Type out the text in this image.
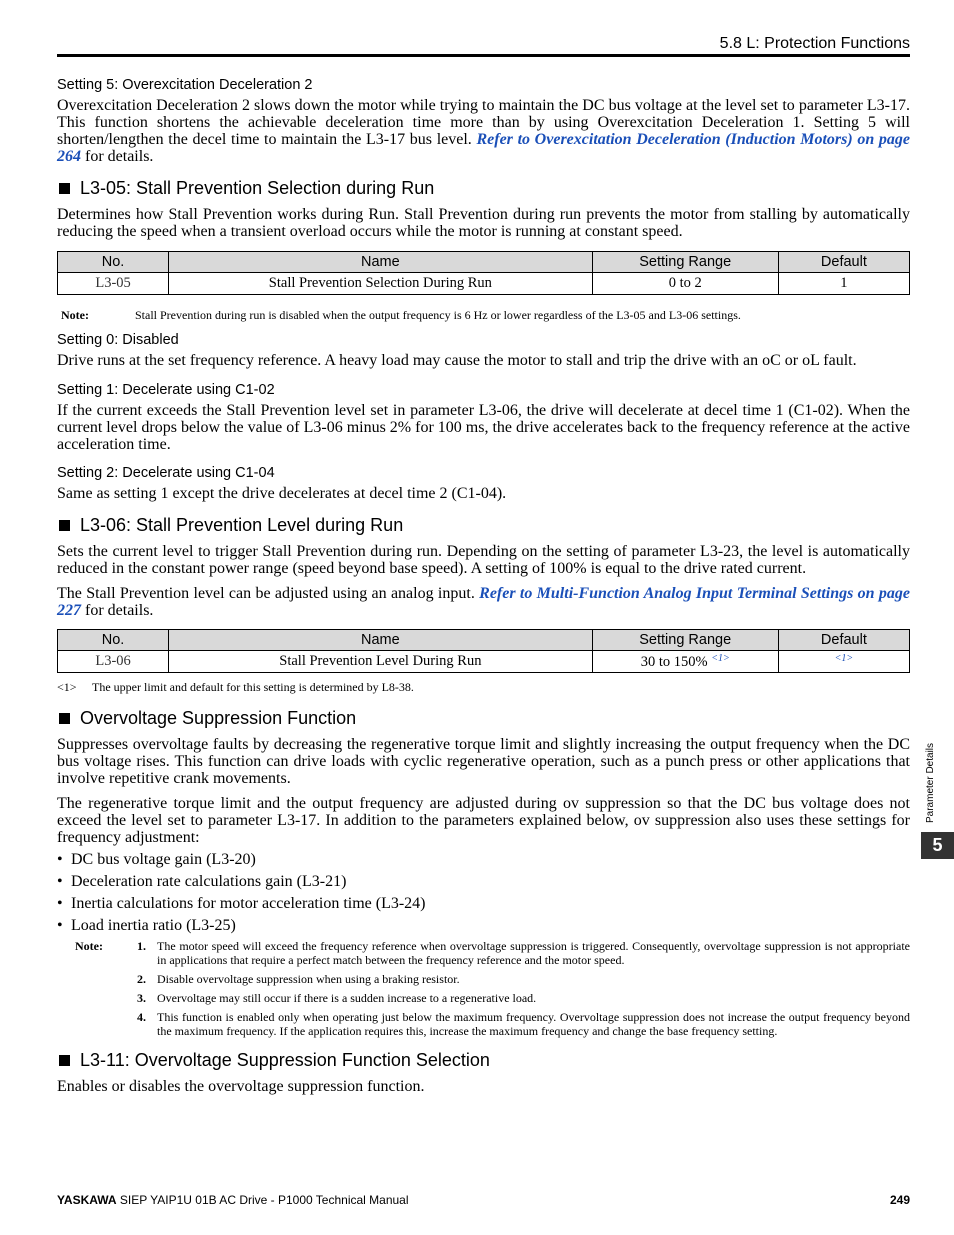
5.8 L: Protection Functions
Setting 5: Overexcitation Deceleration 2

Overexcitation Deceleration 2 slows down the motor while trying to maintain the DC bus voltage at the level set to parameter L3-17. This function shortens the achievable deceleration time more than by using Overexcitation Deceleration 1. Setting 5 will shorten/lengthen the decel time to maintain the L3-17 bus level. Refer to Overexcitation Deceleration (Induction Motors) on page 264 for details.

L3-05: Stall Prevention Selection during Run

Determines how Stall Prevention works during Run. Stall Prevention during run prevents the motor from stalling by automatically reducing the speed when a transient overload occurs while the motor is running at constant speed.

No.	Name	Setting Range	Default
L3-05	Stall Prevention Selection During Run	0 to 2	1
Note:	Stall Prevention during run is disabled when the output frequency is 6 Hz or lower regardless of the L3-05 and L3-06 settings.
Setting 0: Disabled

Drive runs at the set frequency reference. A heavy load may cause the motor to stall and trip the drive with an oC or oL fault.

Setting 1: Decelerate using C1-02

If the current exceeds the Stall Prevention level set in parameter L3-06, the drive will decelerate at decel time 1 (C1-02). When the current level drops below the value of L3-06 minus 2% for 100 ms, the drive accelerates back to the frequency reference at the active acceleration time.

Setting 2: Decelerate using C1-04

Same as setting 1 except the drive decelerates at decel time 2 (C1-04).

L3-06: Stall Prevention Level during Run

Sets the current level to trigger Stall Prevention during run. Depending on the setting of parameter L3-23, the level is automatically reduced in the constant power range (speed beyond base speed). A setting of 100% is equal to the drive rated current.

The Stall Prevention level can be adjusted using an analog input. Refer to Multi-Function Analog Input Terminal Settings on page 227 for details.

No.	Name	Setting Range	Default
L3-06	Stall Prevention Level During Run	30 to 150% $^{<1>}$	$^{<1>}$
<1>	The upper limit and default for this setting is determined by L8-38.
Overvoltage Suppression Function

Suppresses overvoltage faults by decreasing the regenerative torque limit and slightly increasing the output frequency when the DC bus voltage rises. This function can drive loads with cyclic regenerative operation, such as a punch press or other applications that involve repetitive crank movements.

The regenerative torque limit and the output frequency are adjusted during ov suppression so that the DC bus voltage does not exceed the level set to parameter L3-17. In addition to the parameters explained below, ov suppression also uses these settings for frequency adjustment:

• DC bus voltage gain (L3-20)
• Deceleration rate calculations gain (L3-21)
• Inertia calculations for motor acceleration time (L3-24)
• Load inertia ratio (L3-25)
Note:	1. The motor speed will exceed the frequency reference when overvoltage suppression is triggered. Consequently, overvoltage suppression is not appropriate in applications that require a perfect match between the frequency reference and the motor speed.
2. Disable overvoltage suppression when using a braking resistor.
3. Overvoltage may still occur if there is a sudden increase to a regenerative load.
4. This function is enabled only when operating just below the maximum frequency. Overvoltage suppression does not increase the output frequency beyond the maximum frequency. If the application requires this, increase the maximum frequency and change the base frequency setting.
L3-11: Overvoltage Suppression Function Selection

Enables or disables the overvoltage suppression function.

Parameter Details
5
YASKAWA SIEP YAIP1U 01B AC Drive - P1000 Technical Manual	249
